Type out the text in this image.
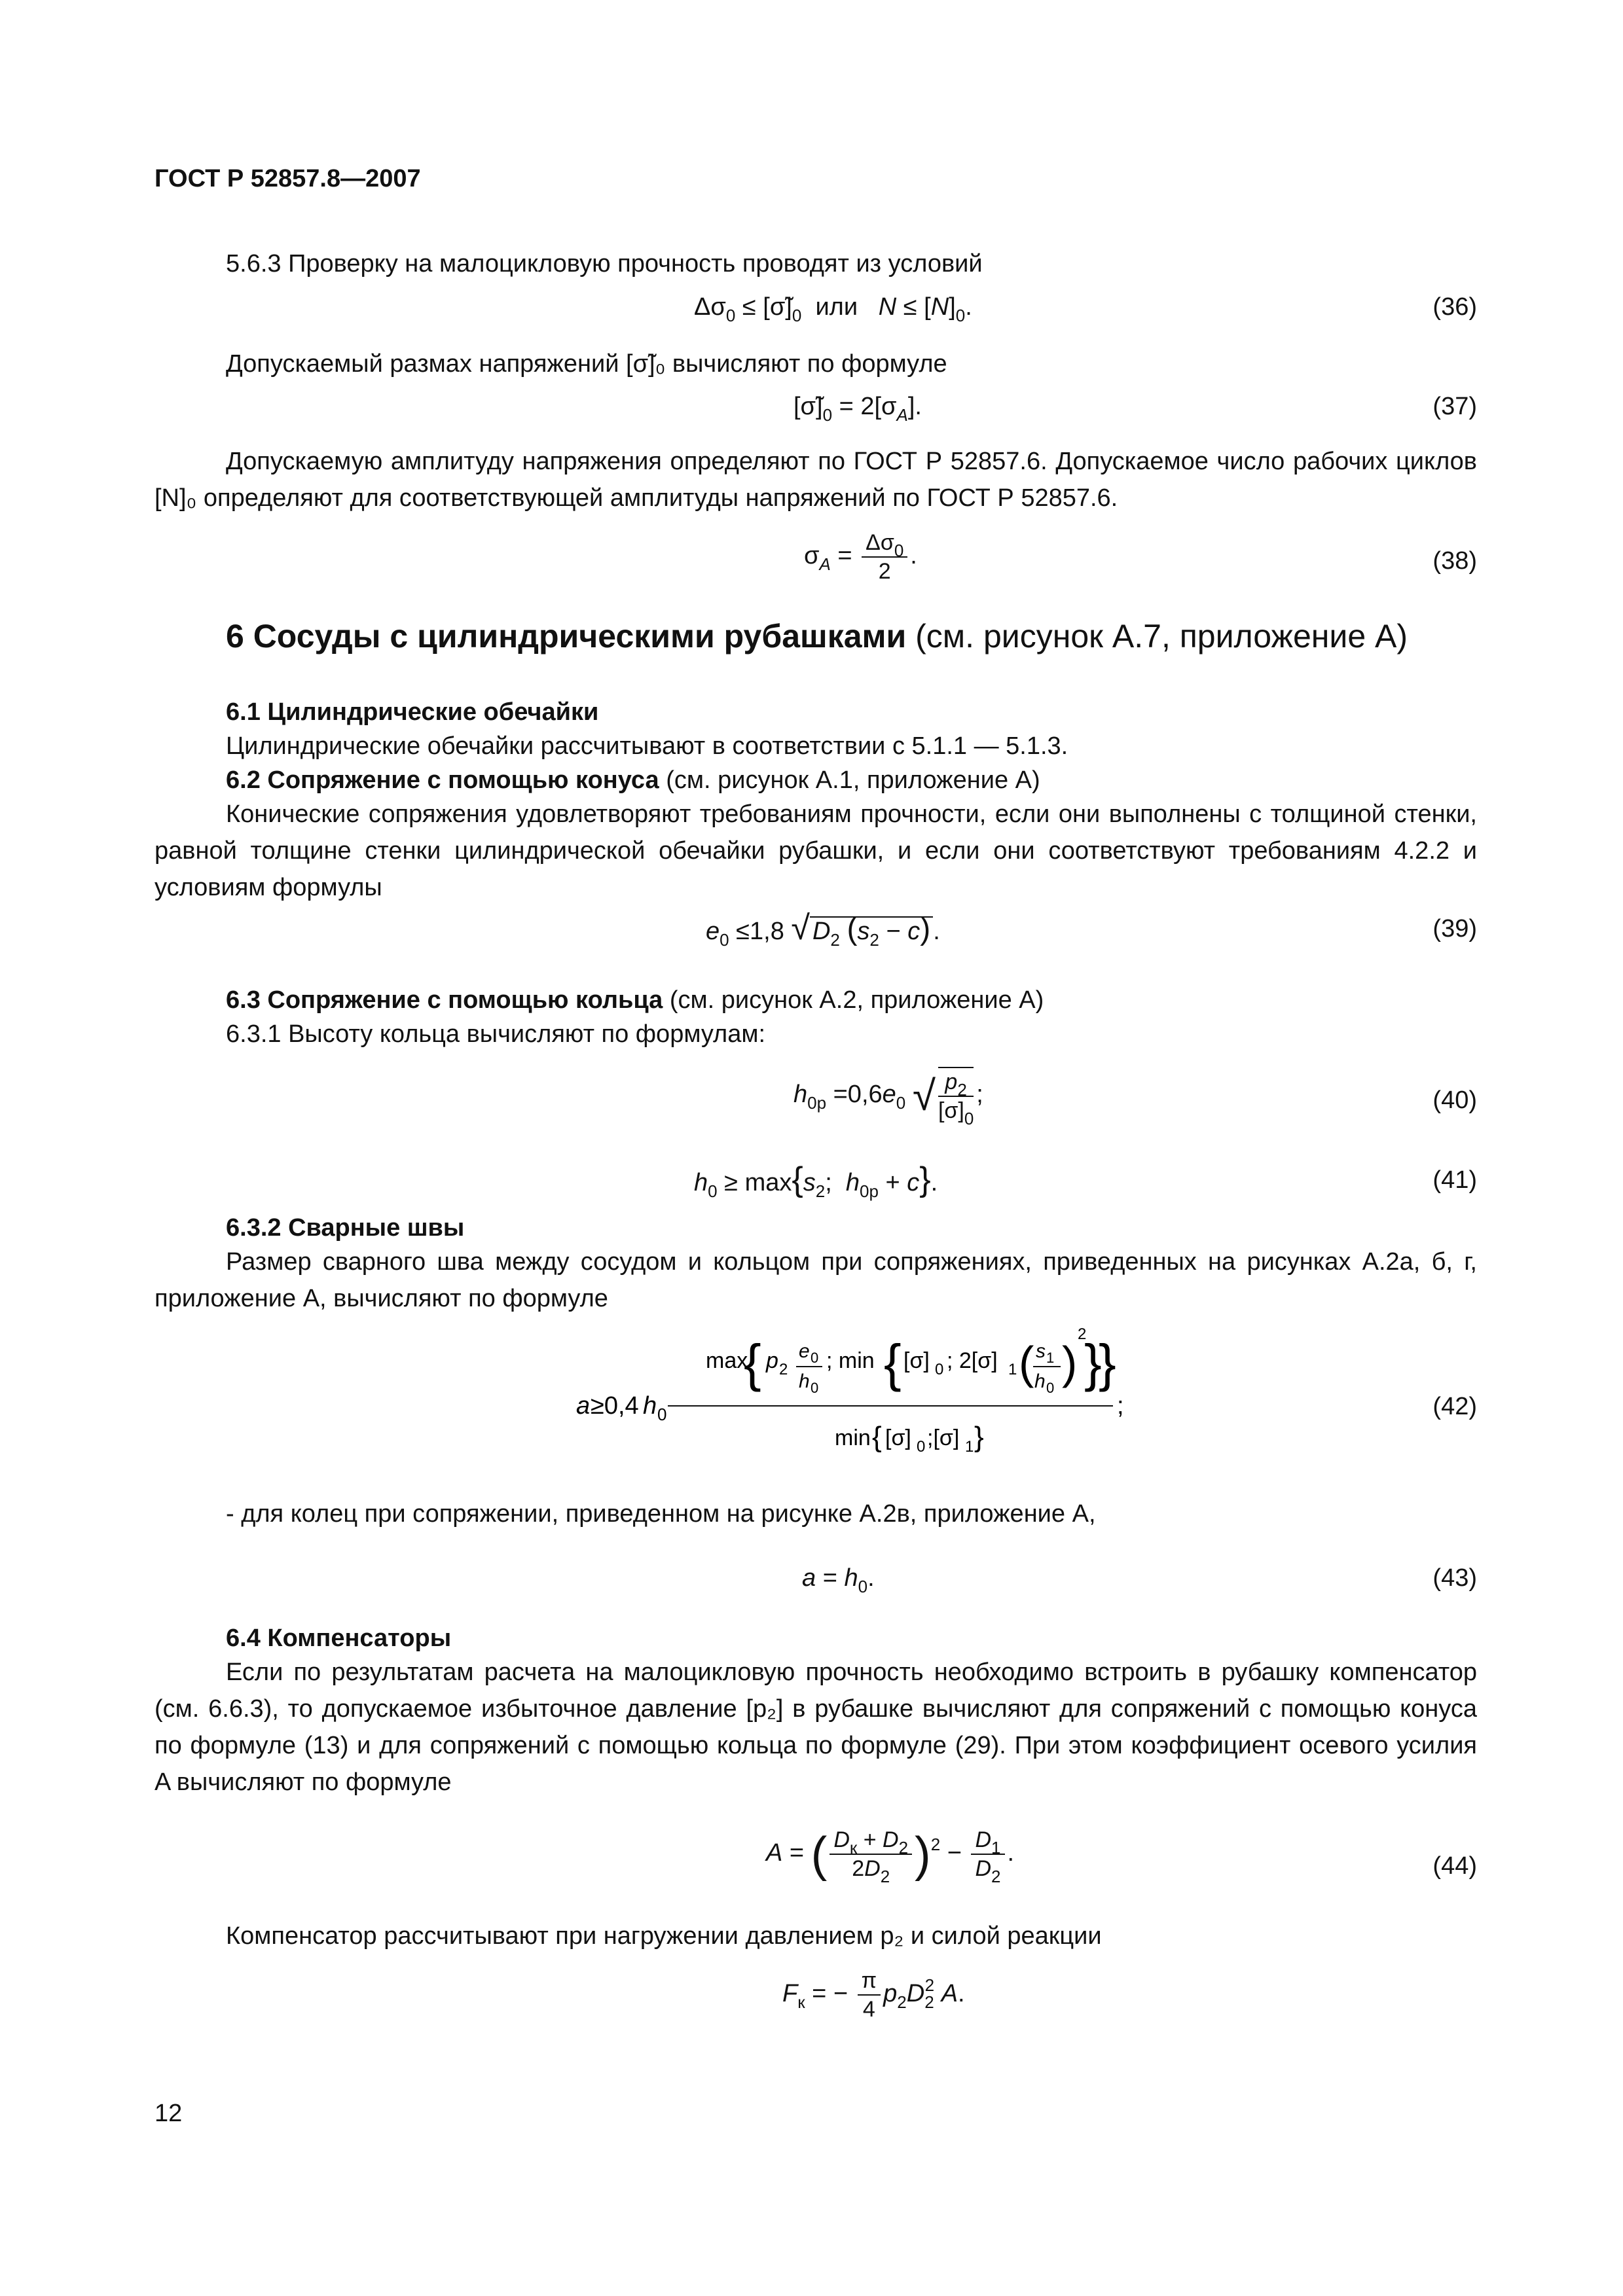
ГОСТ Р 52857.8—2007
5.6.3 Проверку на малоцикловую прочность проводят из условий
$\Delta\sigma_0$ ≤ $[\sigmã]_0$  или   $N \le [N]_0$.	(36)
Допускаемый размах напряжений [σ̃]₀ вычисляют по формуле
$[\sigmã]_0 = 2[\sigma_A]$.	(37)
Допускаемую амплитуду напряжения определяют по ГОСТ Р 52857.6. Допускаемое число рабочих циклов [N]₀ определяют для соответствующей амплитуды напряжений по ГОСТ Р 52857.6.
$\sigma_A = \frac{\Delta\sigma_0}{2}$ .	(38)
6 Сосуды с цилиндрическими рубашками (см. рисунок А.7, приложение А)
6.1 Цилиндрические обечайки
Цилиндрические обечайки рассчитывают в соответствии с 5.1.1 — 5.1.3.
6.2 Сопряжение с помощью конуса (см. рисунок А.1, приложение А)
Конические сопряжения удовлетворяют требованиям прочности, если они выполнены с толщиной стенки, равной толщине стенки цилиндрической обечайки рубашки, и если они соответствуют требованиям 4.2.2 и условиям формулы
$e_0 \le 1,8$ √ $D_2$ $(s_2 - c)$ .	(39)
6.3 Сопряжение с помощью кольца (см. рисунок А.2, приложение А)
6.3.1 Высоту кольца вычисляют по формулам:
$h_{0p} =0,6e_0$ √ $\frac{p_2}{[\sigma]_0}$ ;	(40)
$h_0 \ge \max\{s_2$;  $h_{0p} + c$}.	(41)
6.3.2 Сварные швы
Размер сварного шва между сосудом и кольцом при сопряжениях, приведенных на рисунках А.2а, б, г, приложение А, вычисляют по формуле
a ≥0,4 h 0
max
{ p 2
e 0
h 0
; min { [σ] 0 ; 2[σ] 1 ( s 1
h 0 )
2
}
}
min { [σ] 0 ;[σ] 1 }
;	(42)
- для колец при сопряжении, приведенном на рисунке А.2в, приложение А,
$a = h_0$.	(43)
6.4 Компенсаторы
Если по результатам расчета на малоцикловую прочность необходимо встроить в рубашку компенсатор (см. 6.6.3), то допускаемое избыточное давление [p₂] в рубашке вычисляют для сопряжений с помощью конуса по формуле (13) и для сопряжений с помощью кольца по формуле (29). При этом коэффициент осевого усилия A вычисляют по формуле
A = ( $\frac{D_к + D_2}{2D_2} )^2 - \frac{D_1}{D_2}$ .	(44)
Компенсатор рассчитывают при нагружении давлением p₂ и силой реакции
$F_к$ = − $\frac{\pi}{4} p_2D_2^2$ A.
12
